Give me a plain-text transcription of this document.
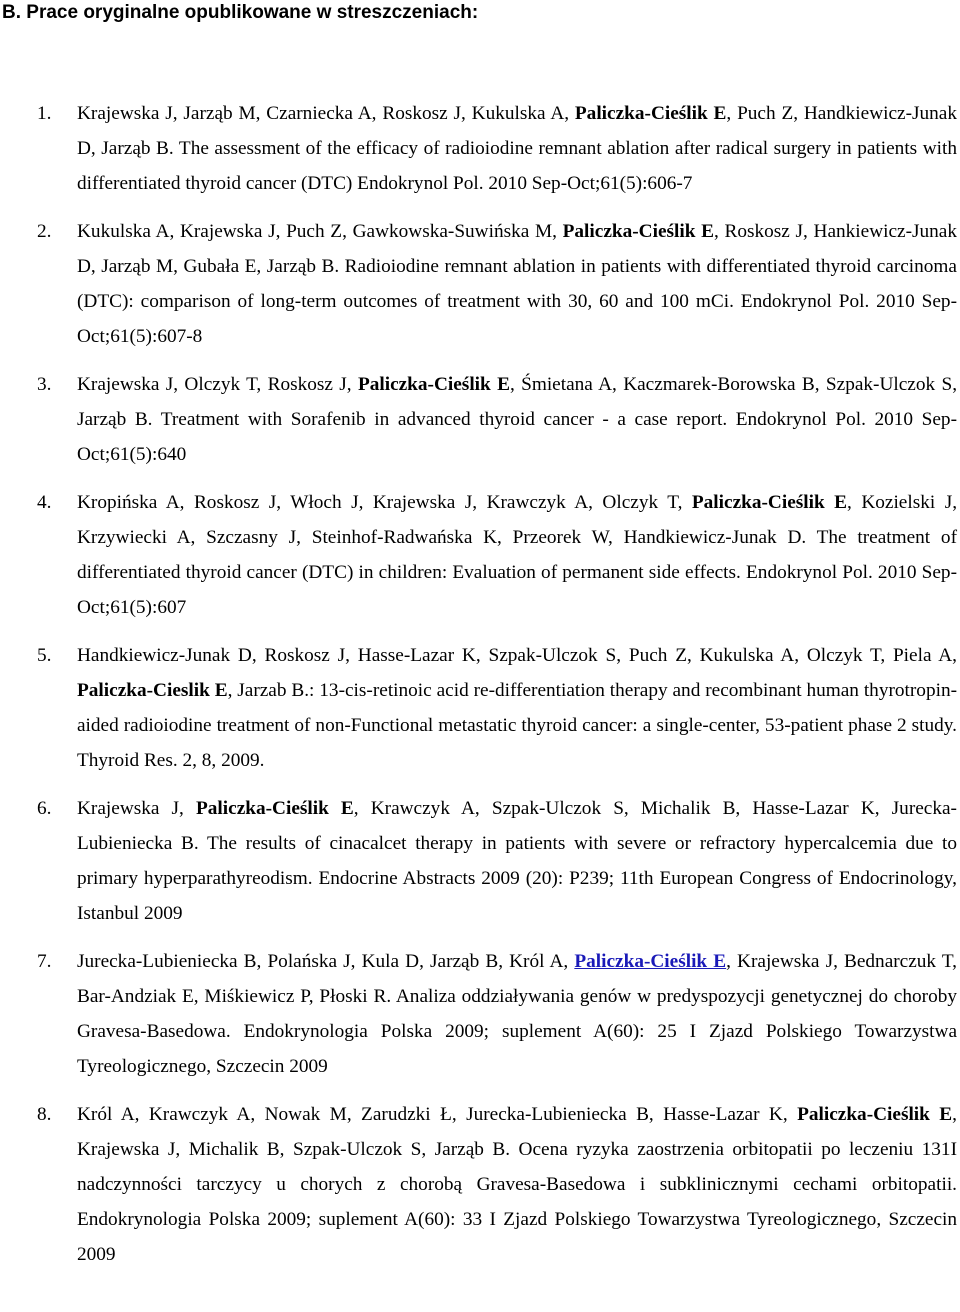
B. Prace oryginalne opublikowane w streszczeniach:
1. Krajewska J, Jarząb M, Czarniecka A, Roskosz J, Kukulska A, Paliczka-Cieślik E, Puch Z, Handkiewicz-Junak D, Jarząb B. The assessment of the efficacy of radioiodine remnant ablation after radical surgery in patients with differentiated thyroid cancer (DTC) Endokrynol Pol. 2010 Sep-Oct;61(5):606-7
2. Kukulska A, Krajewska J, Puch Z, Gawkowska-Suwińska M, Paliczka-Cieślik E, Roskosz J, Hankiewicz-Junak D, Jarząb M, Gubała E, Jarząb B. Radioiodine remnant ablation in patients with differentiated thyroid carcinoma (DTC): comparison of long-term outcomes of treatment with 30, 60 and 100 mCi. Endokrynol Pol. 2010 Sep-Oct;61(5):607-8
3. Krajewska J, Olczyk T, Roskosz J, Paliczka-Cieślik E, Śmietana A, Kaczmarek-Borowska B, Szpak-Ulczok S, Jarząb B. Treatment with Sorafenib in advanced thyroid cancer - a case report. Endokrynol Pol. 2010 Sep-Oct;61(5):640
4. Kropińska A, Roskosz J, Włoch J, Krajewska J, Krawczyk A, Olczyk T, Paliczka-Cieślik E, Kozielski J, Krzywiecki A, Szczasny J, Steinhof-Radwańska K, Przeorek W, Handkiewicz-Junak D. The treatment of differentiated thyroid cancer (DTC) in children: Evaluation of permanent side effects. Endokrynol Pol. 2010 Sep-Oct;61(5):607
5. Handkiewicz-Junak D, Roskosz J, Hasse-Lazar K, Szpak-Ulczok S, Puch Z, Kukulska A, Olczyk T, Piela A, Paliczka-Cieslik E, Jarzab B.: 13-cis-retinoic acid re-differentiation therapy and recombinant human thyrotropin-aided radioiodine treatment of non-Functional metastatic thyroid cancer: a single-center, 53-patient phase 2 study. Thyroid Res. 2, 8, 2009.
6. Krajewska J, Paliczka-Cieślik E, Krawczyk A, Szpak-Ulczok S, Michalik B, Hasse-Lazar K, Jurecka-Lubieniecka B. The results of cinacalcet therapy in patients with severe or refractory hypercalcemia due to primary hyperparathyreodism. Endocrine Abstracts 2009 (20): P239; 11th European Congress of Endocrinology, Istanbul 2009
7. Jurecka-Lubieniecka B, Polańska J, Kula D, Jarząb B, Król A, Paliczka-Cieślik E, Krajewska J, Bednarczuk T, Bar-Andziak E, Miśkiewicz P, Płoski R. Analiza oddziaływania genów w predyspozycji genetycznej do choroby Gravesa-Basedowa. Endokrynologia Polska 2009; suplement A(60): 25 I Zjazd Polskiego Towarzystwa Tyreologicznego, Szczecin 2009
8. Król A, Krawczyk A, Nowak M, Zarudzki Ł, Jurecka-Lubieniecka B, Hasse-Lazar K, Paliczka-Cieślik E, Krajewska J, Michalik B, Szpak-Ulczok S, Jarząb B. Ocena ryzyka zaostrzenia orbitopatii po leczeniu 131I nadczynności tarczycy u chorych z chorobą Gravesa-Basedowa i subklinicznymi cechami orbitopatii. Endokrynologia Polska 2009; suplement A(60): 33 I Zjazd Polskiego Towarzystwa Tyreologicznego, Szczecin 2009
